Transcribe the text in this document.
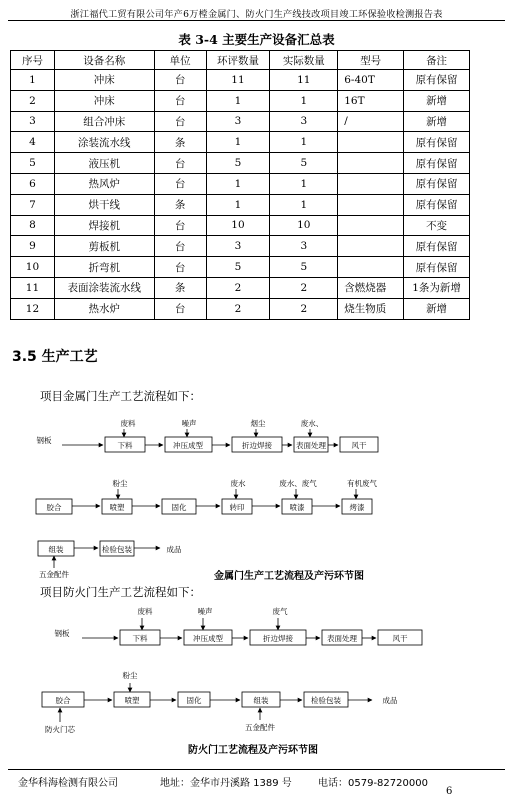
浙江福代工贸有限公司年产6万樘金属门、防火门生产线技改项目竣工环保验收检测报告表
表 3-4 主要生产设备汇总表
序号	设备名称	单位	环评数量	实际数量	型号	备注
1	冲床	台	11	11	6-40T	原有保留
2	冲床	台	1	1	16T	新增
3	组合冲床	台	3	3	/	新增
4	涂装流水线	条	1	1		原有保留
5	液压机	台	5	5		原有保留
6	热风炉	台	1	1		原有保留
7	烘干线	条	1	1		原有保留
8	焊接机	台	10	10		不变
9	剪板机	台	3	3		原有保留
10	折弯机	台	5	5		原有保留
11	表面涂装流水线	条	2	2	含燃烧器	1条为新增
12	热水炉	台	2	2	烧生物质	新增
3.5 生产工艺
项目金属门生产工艺流程如下：
钢板
下料	冲压成型	折边焊接	表面处理	风干
废料	噪声	烟尘	废水、
胶合	喷塑	固化	转印	喷漆	烤漆
粉尘	废水	废水、废气	有机废气
组装	检验包装	成品
五金配件	金属门生产工艺流程及产污环节图
项目防火门生产工艺流程如下：
钢板
下料	冲压成型	折边焊接	表面处理	风干
废料	噪声	废气
胶合	喷塑	固化	组装	检验包装
粉尘
成品
防火门芯	五金配件
防火门工艺流程及产污环节图
金华科海检测有限公司	地址：金华市丹溪路 1389 号	电话：0579-82720000
6
